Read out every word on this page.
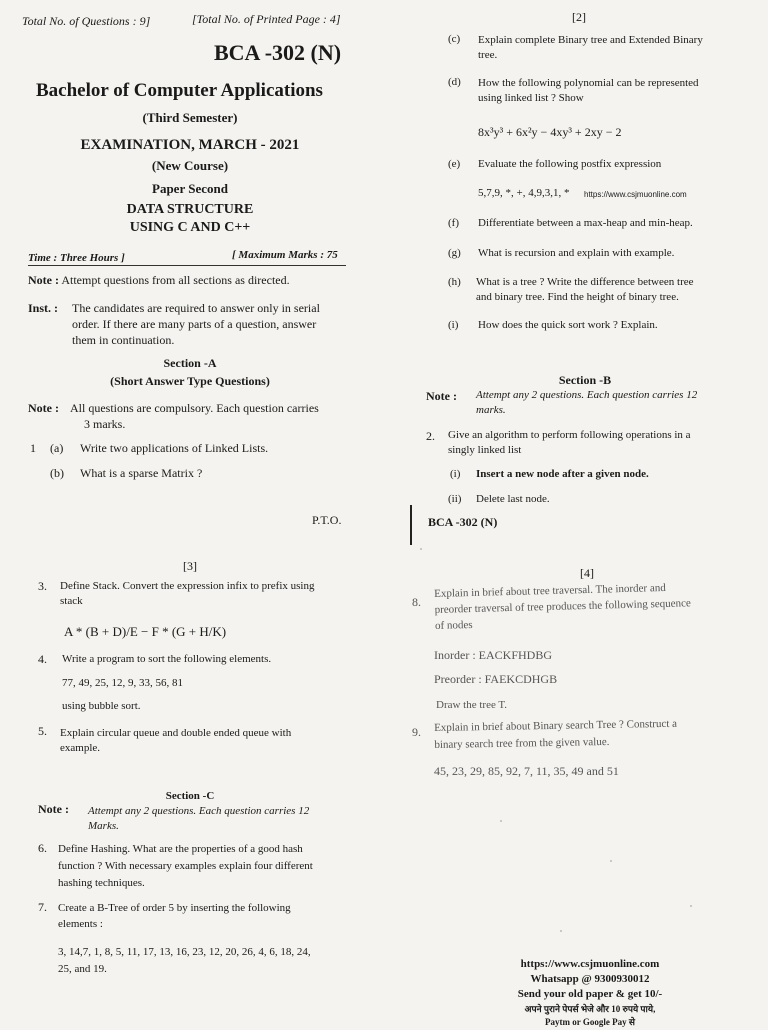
Total No. of Questions : 9]	[Total No. of Printed Page : 4]
BCA -302 (N)
Bachelor of Computer Applications
(Third Semester)
EXAMINATION, MARCH - 2021
(New Course)
Paper Second
DATA STRUCTURE
USING C AND C++
Time : Three Hours ]	[ Maximum Marks : 75
Note : Attempt questions from all sections as directed.
Inst. : The candidates are required to answer only in serial
order. If there are many parts of a question, answer
them in continuation.
Section -A
(Short Answer Type Questions)
Note : All questions are compulsory. Each question carries
3 marks.
1 (a) Write two applications of Linked Lists.
(b) What is a sparse Matrix ?
P.T.O.
[2]
(c) Explain complete Binary tree and Extended Binary
tree.
(d) How the following polynomial can be represented
using linked list ? Show
8x³y³ + 6x²y − 4xy³ + 2xy − 2
(e) Evaluate the following postfix expression
5,7,9, *, +, 4,9,3,1, * https://www.csjmuonline.com
(f) Differentiate between a max-heap and min-heap.
(g) What is recursion and explain with example.
(h) What is a tree ? Write the difference between tree
and binary tree. Find the height of binary tree.
(i) How does the quick sort work ? Explain.
Section -B
Note : Attempt any 2 questions. Each question carries 12
marks.
2. Give an algorithm to perform following operations in a
singly linked list
(i) Insert a new node after a given node.
(ii) Delete last node.
BCA -302 (N)
[3]
3. Define Stack. Convert the expression infix to prefix using
stack
A * (B + D)/E − F * (G + H/K)
4. Write a program to sort the following elements.
77, 49, 25, 12, 9, 33, 56, 81
using bubble sort.
5. Explain circular queue and double ended queue with
example.
Section -C
Note : Attempt any 2 questions. Each question carries 12
Marks.
6. Define Hashing. What are the properties of a good hash
function ? With necessary examples explain four different
hashing techniques.
7. Create a B-Tree of order 5 by inserting the following
elements :
3, 14,7, 1, 8, 5, 11, 17, 13, 16, 23, 12, 20, 26, 4, 6, 18, 24,
25, and 19.
[4]
8.
Explain in brief about tree traversal. The inorder and
preorder traversal of tree produces the following sequence
of nodes
Inorder : EACKFHDBG
Preorder : FAEKCDHGB
Draw the tree T.
9. Explain in brief about Binary search Tree ? Construct a
binary search tree from the given value.
45, 23, 29, 85, 92, 7, 11, 35, 49 and 51
https://www.csjmuonline.com
Whatsapp @ 9300930012
Send your old paper & get 10/-
अपने पुराने पेपर्स भेजे और 10 रुपये पाये,
Paytm or Google Pay से
